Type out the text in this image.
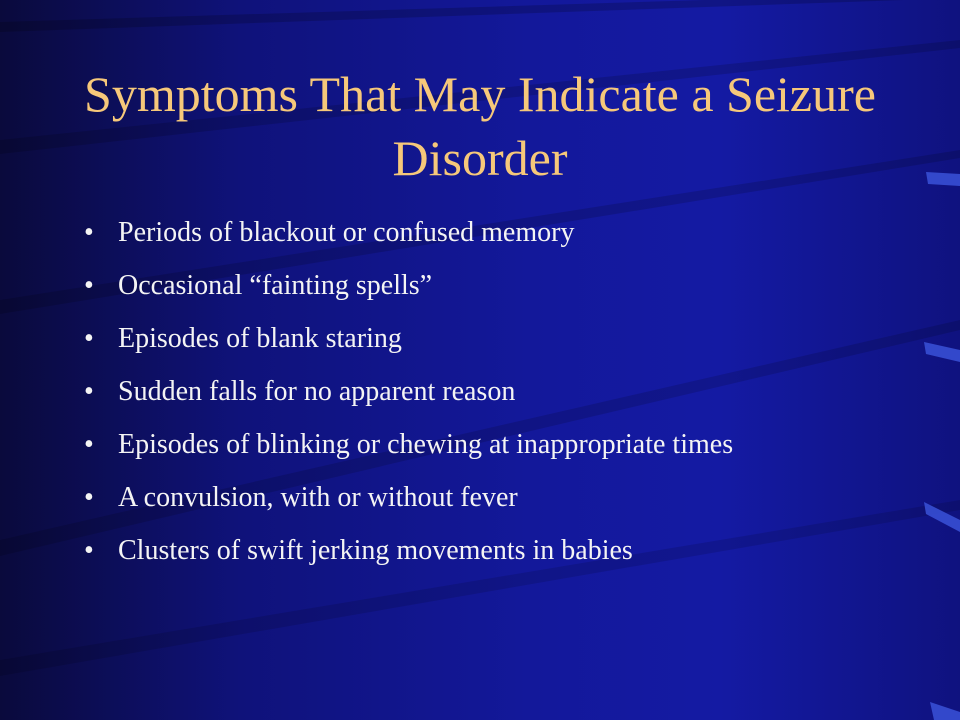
Symptoms That May Indicate a Seizure Disorder
• Periods of blackout or confused memory
• Occasional “fainting spells”
• Episodes of blank staring
• Sudden falls for no apparent reason
• Episodes of blinking or chewing at inappropriate times
• A convulsion, with or without fever
• Clusters of swift jerking movements in babies
